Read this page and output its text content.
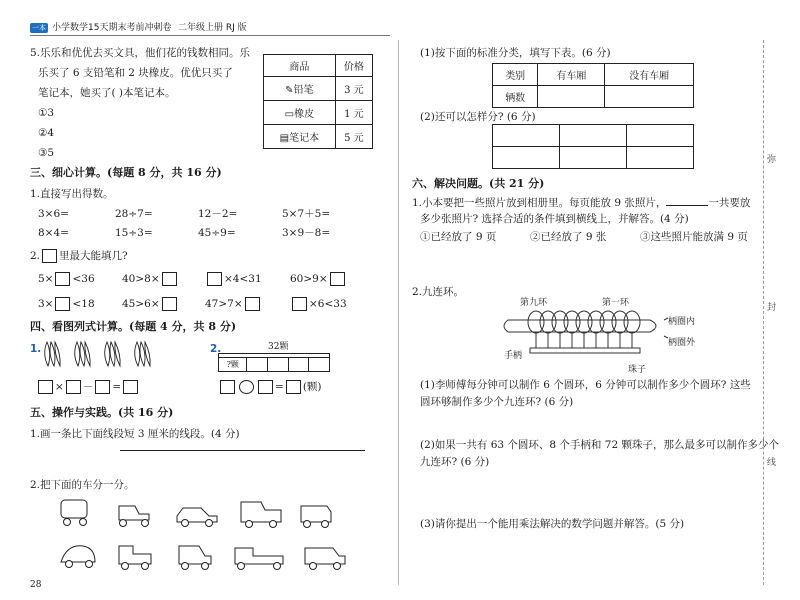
一本 小学数学15天期末考前冲刺卷 二年级上册 RJ 版
5.乐乐和优优去买文具，他们花的钱数相同。乐
乐买了 6 支铅笔和 2 块橡皮。优优只买了
笔记本，她买了( )本笔记本。
①3
②4
③5
商品	价格
✎铅笔	3 元
▭橡皮	1 元
▤笔记本	5 元
三、细心计算。(每题 8 分，共 16 分)
1.直接写出得数。
3×6=	28÷7=	12－2=	5×7＋5=
8×4=	15÷3=	45÷9=	3×9－8=
2. 里最大能填几?
5× <36	40>8×	×4<31	60>9×
3× <18	45>6×	47>7×	×6<33
四、看图列式计算。(每题 4 分，共 8 分)
1.
× － =
2.	32颗
?颗
= (颗)
五、操作与实践。(共 16 分)
1.画一条比下面线段短 3 厘米的线段。(4 分)
2.把下面的车分一分。
28
(1)按下面的标准分类，填写下表。(6 分)
类别	有车厢	没有车厢
辆数		
(2)还可以怎样分? (6 分)

六、解决问题。(共 21 分)
1.小本要把一些照片放到相册里。每页能放 9 张照片，	一共要放
多少张照片? 选择合适的条件填到横线上，并解答。(4 分)
①已经放了 9 页	②已经放了 9 张	③这些照片能放满 9 页
2.九连环。
第九环	第一环
柄圈内
柄圈外
手柄
珠子
(1)李师傅每分钟可以制作 6 个圆环，6 分钟可以制作多少个圆环? 这些
圆环够制作多少个九连环? (6 分)
(2)如果一共有 63 个圆环、8 个手柄和 72 颗珠子，那么最多可以制作多少个
九连环? (6 分)
(3)请你提出一个能用乘法解决的数学问题并解答。(5 分)
弥
封
线
